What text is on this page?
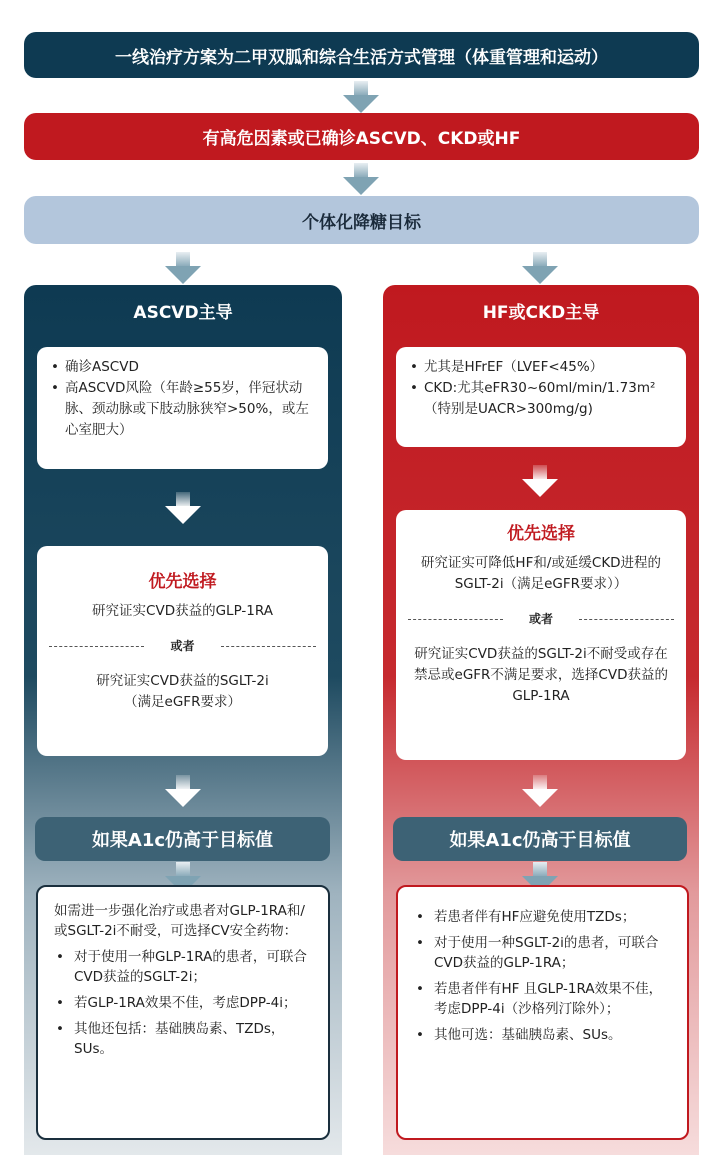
一线治疗方案为二甲双胍和综合生活方式管理（体重管理和运动）
有高危因素或已确诊ASCVD、CKD或HF
个体化降糖目标
ASCVD主导

• 确诊ASCVD

• 高ASCVD风险（年龄≥55岁，伴冠状动脉、颈动脉或下肢动脉狭窄>50%，或左心室肥大）

优先选择

研究证实CVD获益的GLP-1RA

或者

研究证实CVD获益的SGLT-2i

（满足eGFR要求）

如果A1c仍高于目标值

如需进一步强化治疗或患者对GLP-1RA和/或SGLT-2i不耐受，可选择CV安全药物：

• 对于使用一种GLP-1RA的患者，可联合CVD获益的SGLT-2i；

• 若GLP-1RA效果不佳，考虑DPP-4i；

• 其他还包括：基础胰岛素、TZDs，SUs。

HF或CKD主导

• 尤其是HFrEF（LVEF<45%）

• CKD:尤其eFR30~60ml/min/1.73m²（特别是UACR>300mg/g)

优先选择

研究证实可降低HF和/或延缓CKD进程的SGLT-2i（满足eGFR要求））

或者

研究证实CVD获益的SGLT-2i不耐受或存在禁忌或eGFR不满足要求，选择CVD获益的GLP-1RA

如果A1c仍高于目标值

• 若患者伴有HF应避免使用TZDs；

• 对于使用一种SGLT-2i的患者，可联合CVD获益的GLP-1RA；

• 若患者伴有HF 且GLP-1RA效果不佳，考虑DPP-4i（沙格列汀除外）；

• 其他可选：基础胰岛素、SUs。
